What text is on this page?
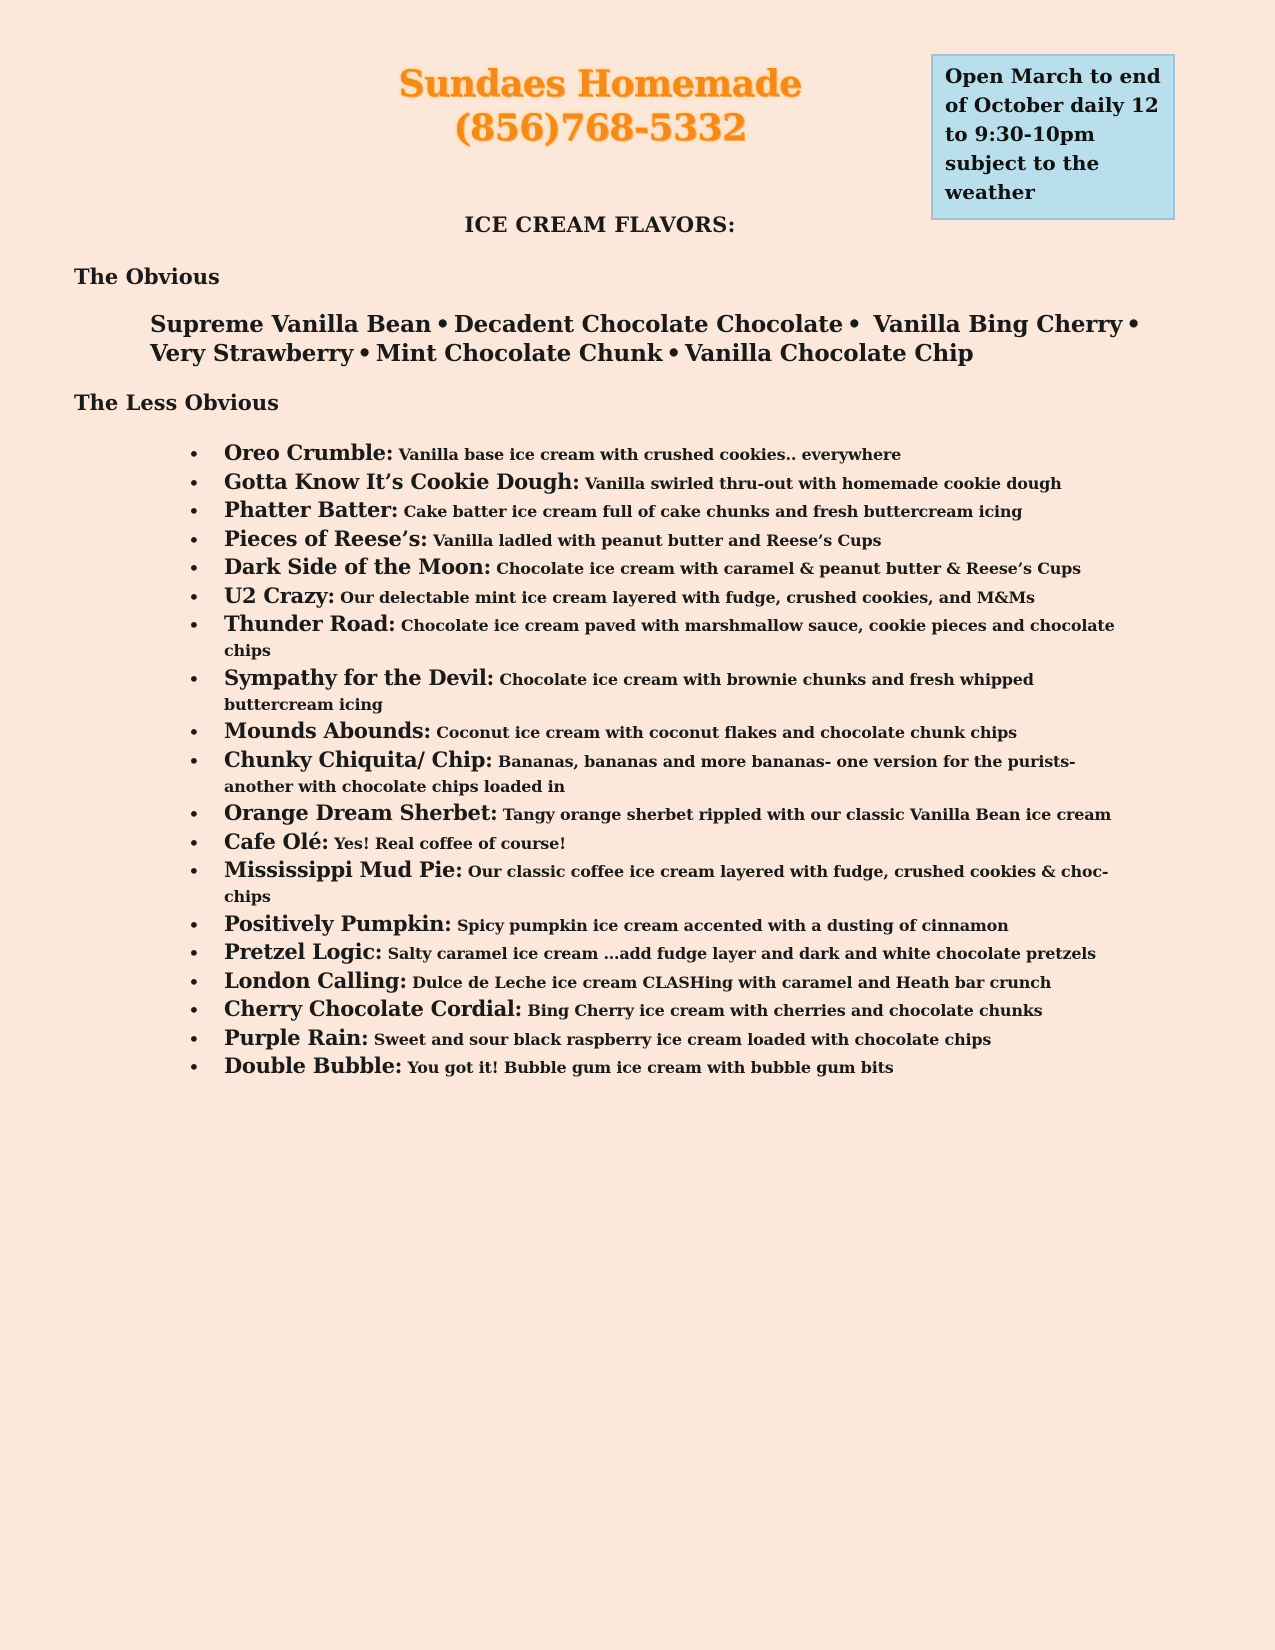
Sundaes Homemade
(856)768-5332
Open March to end of October daily 12 to 9:30-10pm subject to the weather
ICE CREAM FLAVORS:
The Obvious
Supreme Vanilla Bean • Decadent Chocolate Chocolate • Vanilla Bing Cherry •
Very Strawberry • Mint Chocolate Chunk • Vanilla Chocolate Chip
The Less Obvious
• Oreo Crumble: Vanilla base ice cream with crushed cookies.. everywhere
• Gotta Know It’s Cookie Dough: Vanilla swirled thru-out with homemade cookie dough
• Phatter Batter: Cake batter ice cream full of cake chunks and fresh buttercream icing
• Pieces of Reese’s: Vanilla ladled with peanut butter and Reese’s Cups
• Dark Side of the Moon: Chocolate ice cream with caramel & peanut butter & Reese’s Cups
• U2 Crazy: Our delectable mint ice cream layered with fudge, crushed cookies, and M&Ms
• Thunder Road: Chocolate ice cream paved with marshmallow sauce, cookie pieces and chocolate chips
• Sympathy for the Devil: Chocolate ice cream with brownie chunks and fresh whipped buttercream icing
• Mounds Abounds: Coconut ice cream with coconut flakes and chocolate chunk chips
• Chunky Chiquita/ Chip: Bananas, bananas and more bananas- one version for the purists- another with chocolate chips loaded in
• Orange Dream Sherbet: Tangy orange sherbet rippled with our classic Vanilla Bean ice cream
• Cafe Olé: Yes! Real coffee of course!
• Mississippi Mud Pie: Our classic coffee ice cream layered with fudge, crushed cookies & choc-chips
• Positively Pumpkin: Spicy pumpkin ice cream accented with a dusting of cinnamon
• Pretzel Logic: Salty caramel ice cream …add fudge layer and dark and white chocolate pretzels
• London Calling: Dulce de Leche ice cream CLASHing with caramel and Heath bar crunch
• Cherry Chocolate Cordial: Bing Cherry ice cream with cherries and chocolate chunks
• Purple Rain: Sweet and sour black raspberry ice cream loaded with chocolate chips
• Double Bubble: You got it! Bubble gum ice cream with bubble gum bits
